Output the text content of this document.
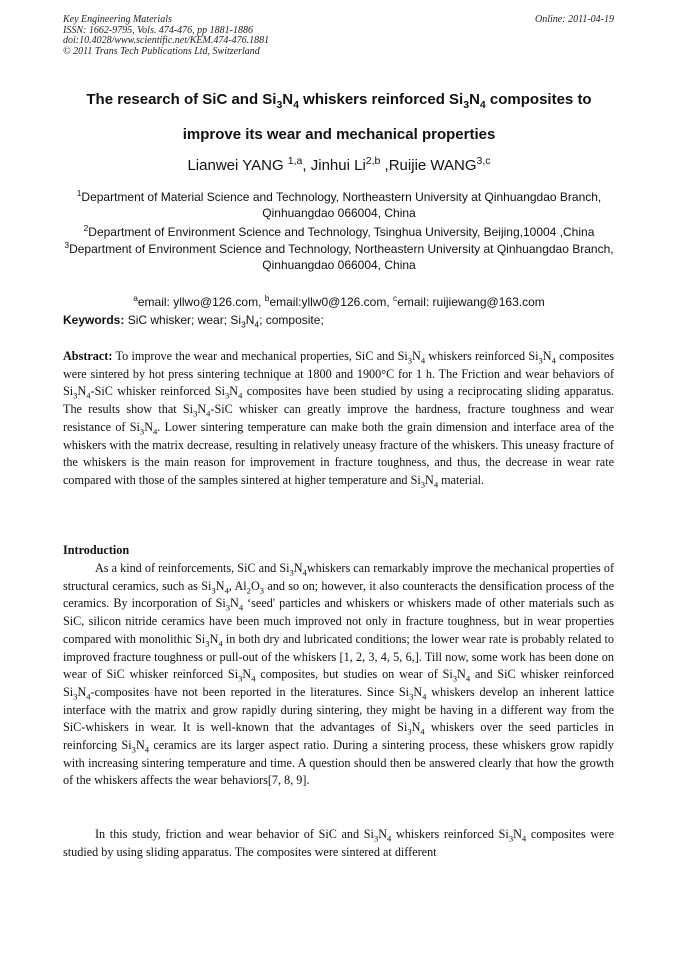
Key Engineering Materials
ISSN: 1662-9795, Vols. 474-476, pp 1881-1886
doi:10.4028/www.scientific.net/KEM.474-476.1881
© 2011 Trans Tech Publications Ltd, Switzerland
Online: 2011-04-19
The research of SiC and $Si_3N_4$ whiskers reinforced $Si_3N_4$ composites to
improve its wear and mechanical properties
Lianwei YANG $^{1,a}$, Jinhui Li$^{2,b}$ ,Ruijie WANG$^{3,c}$
$^1$Department of Material Science and Technology, Northeastern University at Qinhuangdao Branch, Qinhuangdao 066004, China
$^2$Department of Environment Science and Technology, Tsinghua University, Beijing,10004 ,China
$^3$Department of Environment Science and Technology, Northeastern University at Qinhuangdao Branch, Qinhuangdao 066004, China
$^a$email: yllwo@126.com, $^b$email:yllw0@126.com, $^c$email: ruijiewang@163.com
Keywords: SiC whisker; wear; $Si_3N_4$; composite;
Abstract: To improve the wear and mechanical properties, SiC and $Si_3N_4$ whiskers reinforced $Si_3N_4$ composites were sintered by hot press sintering technique at 1800 and 1900°C for 1 h. The Friction and wear behaviors of $Si_3N_4$-SiC whisker reinforced $Si_3N_4$ composites have been studied by using a reciprocating sliding apparatus. The results show that $Si_3N_4$-SiC whisker can greatly improve the hardness, fracture toughness and wear resistance of $Si_3N_4$. Lower sintering temperature can make both the grain dimension and interface area of the whiskers with the matrix decrease, resulting in relatively uneasy fracture of the whiskers. This uneasy fracture of the whiskers is the main reason for improvement in fracture toughness, and thus, the decrease in wear rate compared with those of the samples sintered at higher temperature and $Si_3N_4$ material.
Introduction
As a kind of reinforcements, SiC and $Si_3N_4whiskers$ can remarkably improve the mechanical properties of structural ceramics, such as $Si_3N_4$, $Al_2O_3$ and so on; however, it also counteracts the densification process of the ceramics. By incorporation of $Si_3N_4$ ‘seed' particles and whiskers or whiskers made of other materials such as SiC, silicon nitride ceramics have been much improved not only in fracture toughness, but in wear properties compared with monolithic $Si_3N_4$ in both dry and lubricated conditions; the lower wear rate is probably related to improved fracture toughness or pull-out of the whiskers [1, 2, 3, 4, 5, 6,]. Till now, some work has been done on wear of SiC whisker reinforced $Si_3N_4$ composites, but studies on wear of $Si_3N_4$ and SiC whisker reinforced $Si_3N_4$-composites have not been reported in the literatures. Since $Si_3N_4$ whiskers develop an inherent lattice interface with the matrix and grow rapidly during sintering, they might be having in a different way from the SiC-whiskers in wear. It is well-known that the advantages of $Si_3N_4$ whiskers over the seed particles in reinforcing $Si_3N_4$ ceramics are its larger aspect ratio. During a sintering process, these whiskers grow rapidly with increasing sintering temperature and time. A question should then be answered clearly that how the growth of the whiskers affects the wear behaviors[7, 8, 9].
In this study, friction and wear behavior of SiC and $Si_3N_4$ whiskers reinforced $Si_3N_4$ composites were studied by using sliding apparatus. The composites were sintered at different
